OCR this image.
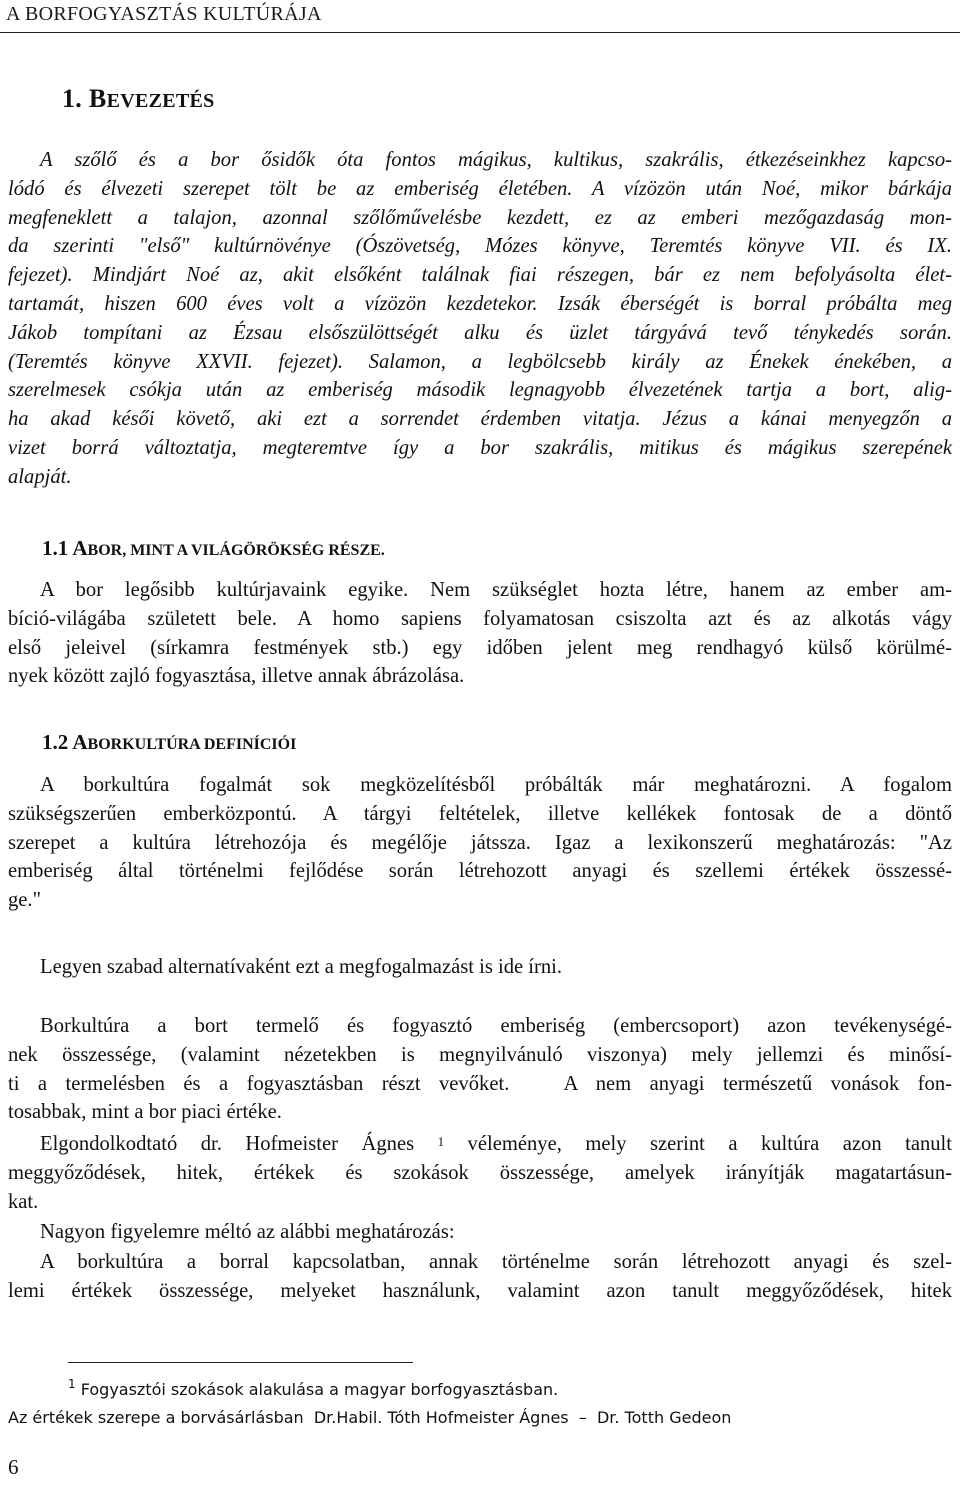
A BORFOGYASZTÁS KULTÚRÁJA
1. BEVEZETÉS
A szőlő és a bor ősidők óta fontos mágikus, kultikus, szakrális, étkezéseinkhez kapcso-
lódó és élvezeti szerepet tölt be az emberiség életében. A vízözön után Noé, mikor bárkája
megfeneklett a talajon, azonnal szőlőművelésbe kezdett, ez az emberi mezőgazdaság mon-
da szerinti "első" kultúrnövénye (Ószövetség, Mózes könyve, Teremtés könyve VII. és IX.
fejezet). Mindjárt Noé az, akit elsőként találnak fiai részegen, bár ez nem befolyásolta élet-
tartamát, hiszen 600 éves volt a vízözön kezdetekor. Izsák éberségét is borral próbálta meg
Jákob tompítani az Ézsau elsőszülöttségét alku és üzlet tárgyává tevő ténykedés során.
(Teremtés könyve XXVII. fejezet). Salamon, a legbölcsebb király az Énekek énekében, a
szerelmesek csókja után az emberiség második legnagyobb élvezetének tartja a bort, alig-
ha akad késői követő, aki ezt a sorrendet érdemben vitatja. Jézus a kánai menyegzőn a
vizet borrá változtatja, megteremtve így a bor szakrális, mitikus és mágikus szerepének
alapját.
1.1 ABOR, MINT A VILÁGÖRÖKSÉG RÉSZE.
A bor legősibb kultúrjavaink egyike. Nem szükséglet hozta létre, hanem az ember am-
bíció-világába született bele. A homo sapiens folyamatosan csiszolta azt és az alkotás vágy
első jeleivel (sírkamra festmények stb.) egy időben jelent meg rendhagyó külső körülmé-
nyek között zajló fogyasztása, illetve annak ábrázolása.
1.2 ABORKULTÚRA DEFINÍCIÓI
A borkultúra fogalmát sok megközelítésből próbálták már meghatározni. A fogalom
szükségszerűen emberközpontú. A tárgyi feltételek, illetve kellékek fontosak de a döntő
szerepet a kultúra létrehozója és megélője játssza. Igaz a lexikonszerű meghatározás: "Az
emberiség által történelmi fejlődése során létrehozott anyagi és szellemi értékek összessé-
ge."
Legyen szabad alternatívaként ezt a megfogalmazást is ide írni.
Borkultúra a bort termelő és fogyasztó emberiség (embercsoport) azon tevékenységé-
nek összessége, (valamint nézetekben is megnyilvánuló viszonya) mely jellemzi és minősí-
ti a termelésben és a fogyasztásban részt vevőket.   A nem anyagi természetű vonások fon-
tosabbak, mint a bor piaci értéke.
Elgondolkodtató dr. Hofmeister Ágnes $^1$ véleménye, mely szerint a kultúra azon tanult
meggyőződések, hitek, értékek és szokások összessége, amelyek irányítják magatartásun-
kat.
Nagyon figyelemre méltó az alábbi meghatározás:
A borkultúra a borral kapcsolatban, annak történelme során létrehozott anyagi és szel-
lemi értékek összessége, melyeket használunk, valamint azon tanult meggyőződések, hitek
$^1$ Fogyasztói szokások alakulása a magyar borfogyasztásban.
Az értékek szerepe a borvásárlásban  Dr.Habil. Tóth Hofmeister Ágnes  –  Dr. Totth Gedeon
6
